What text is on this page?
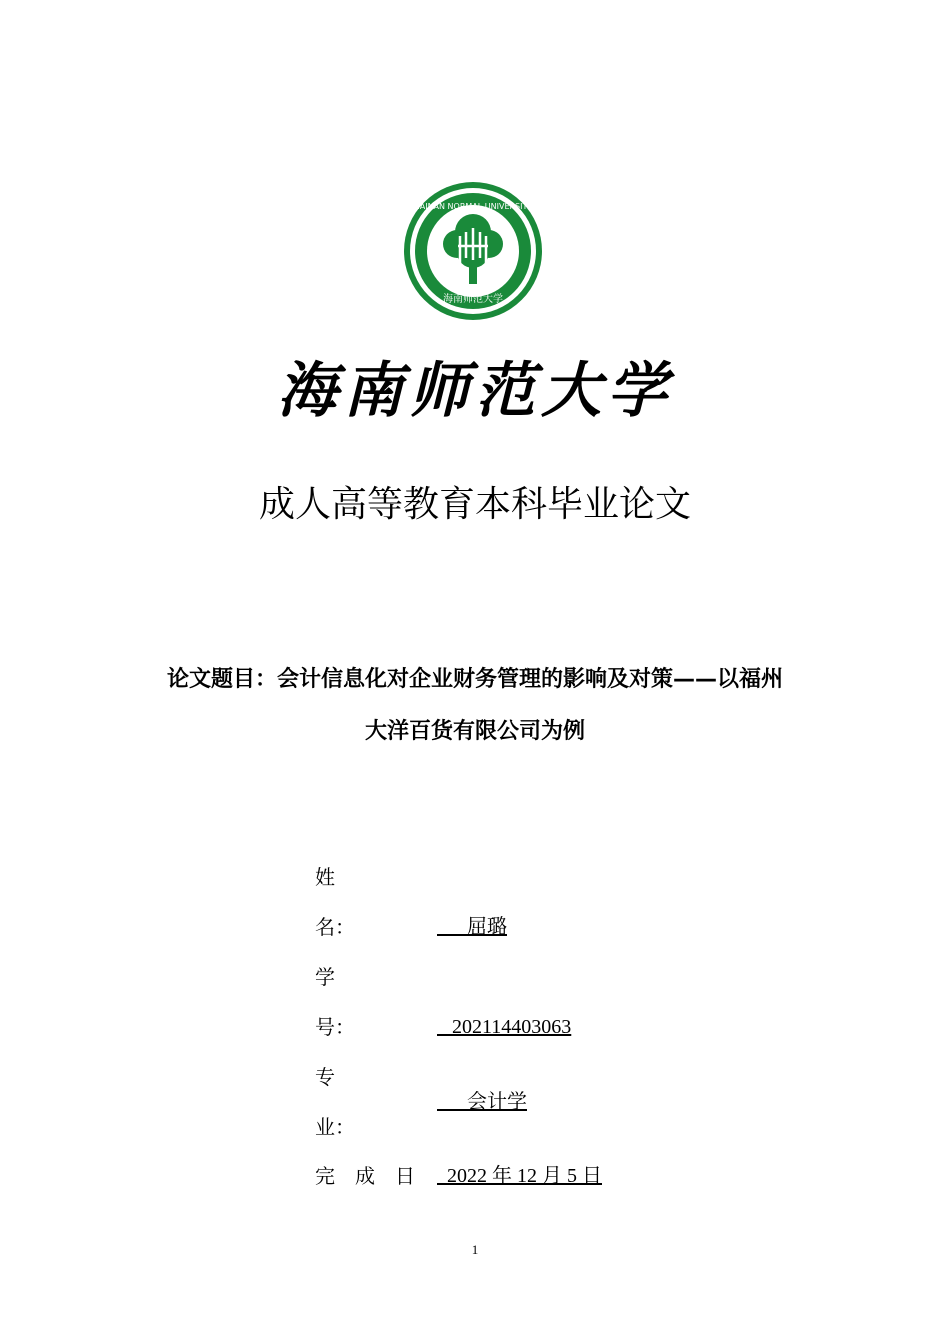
HAINAN NORMAL UNIVERSITY
海南师范大学
海南师范大学
成人高等教育本科毕业论文
论文题目：会计信息化对企业财务管理的影响及对策——以福州
大洋百货有限公司为例
姓
名：	屈璐
学
号：	202114403063
专
会计学
业：
完　成　日 2022 年 12 月 5 日
1
